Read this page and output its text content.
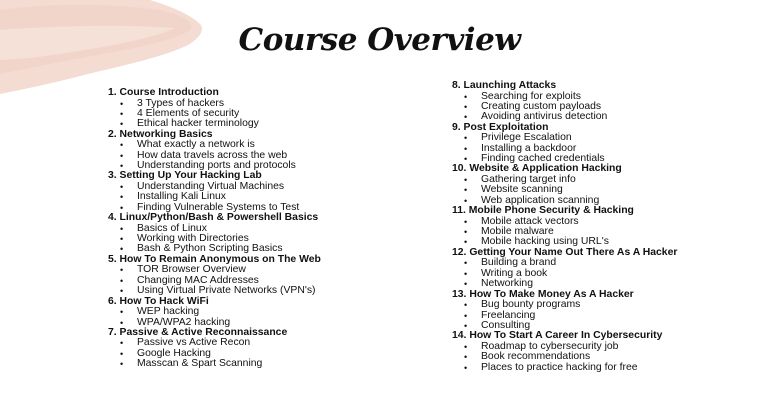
Course Overview
1. Course Introduction
• 3 Types of hackers
• 4 Elements of security
• Ethical hacker terminology
2. Networking Basics
• What exactly a network is
• How data travels across the web
• Understanding ports and protocols
3. Setting Up Your Hacking Lab
• Understanding Virtual Machines
• Installing Kali Linux
• Finding Vulnerable Systems to Test
4. Linux/Python/Bash & Powershell Basics
• Basics of Linux
• Working with Directories
• Bash & Python Scripting Basics
5. How To Remain Anonymous on The Web
• TOR Browser Overview
• Changing MAC Addresses
• Using Virtual Private Networks (VPN's)
6. How To Hack WiFi
• WEP hacking
• WPA/WPA2 hacking
7. Passive & Active Reconnaissance
• Passive vs Active Recon
• Google Hacking
• Masscan & Spart Scanning
8. Launching Attacks
• Searching for exploits
• Creating custom payloads
• Avoiding antivirus detection
9. Post Exploitation
• Privilege Escalation
• Installing a backdoor
• Finding cached credentials
10. Website & Application Hacking
• Gathering target info
• Website scanning
• Web application scanning
11. Mobile Phone Security & Hacking
• Mobile attack vectors
• Mobile malware
• Mobile hacking using URL's
12. Getting Your Name Out There As A Hacker
• Building a brand
• Writing a book
• Networking
13. How To Make Money As A Hacker
• Bug bounty programs
• Freelancing
• Consulting
14. How To Start A Career In Cybersecurity
• Roadmap to cybersecurity job
• Book recommendations
• Places to practice hacking for free
